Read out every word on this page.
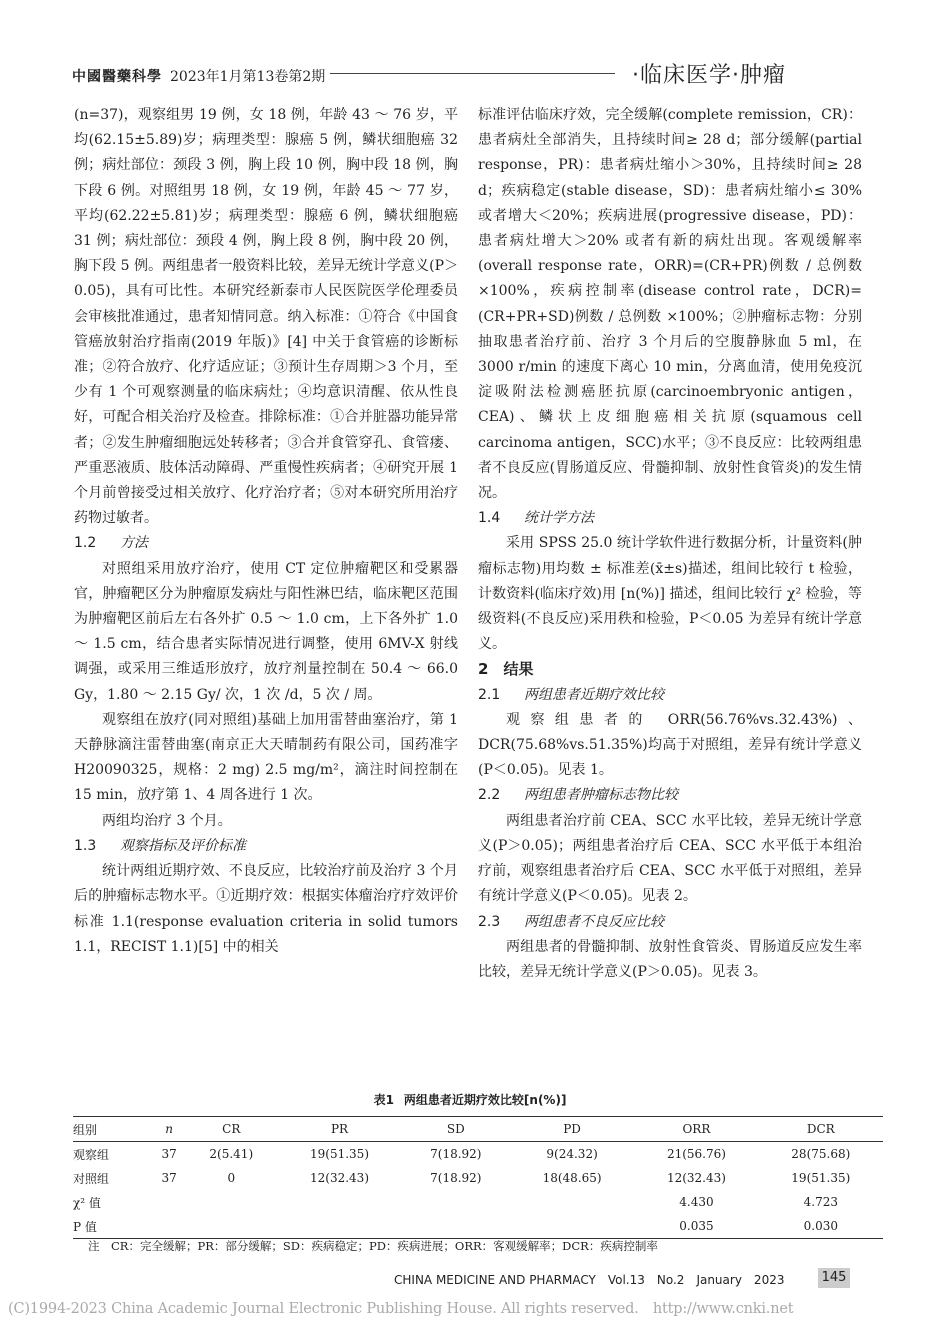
中國醫藥科學 2023年1月第13卷第2期	·临床医学·肿瘤

(n=37)，观察组男 19 例，女 18 例，年龄 43 ～ 76 岁，平均(62.15±5.89)岁；病理类型：腺癌 5 例，鳞状细胞癌 32 例；病灶部位：颈段 3 例，胸上段 10 例，胸中段 18 例，胸下段 6 例。对照组男 18 例，女 19 例，年龄 45 ～ 77 岁，平均(62.22±5.81)岁；病理类型：腺癌 6 例，鳞状细胞癌 31 例；病灶部位：颈段 4 例，胸上段 8 例，胸中段 20 例，胸下段 5 例。两组患者一般资料比较，差异无统计学意义(P＞0.05)，具有可比性。本研究经新泰市人民医院医学伦理委员会审核批准通过，患者知情同意。纳入标准：①符合《中国食管癌放射治疗指南(2019 年版)》[4] 中关于食管癌的诊断标准；②符合放疗、化疗适应证；③预计生存周期＞3 个月，至少有 1 个可观察测量的临床病灶；④均意识清醒、依从性良好，可配合相关治疗及检查。排除标准：①合并脏器功能异常者；②发生肿瘤细胞远处转移者；③合并食管穿孔、食管瘘、严重恶液质、肢体活动障碍、严重慢性疾病者；④研究开展 1 个月前曾接受过相关放疗、化疗治疗者；⑤对本研究所用治疗药物过敏者。

1.2 方法

对照组采用放疗治疗，使用 CT 定位肿瘤靶区和受累器官，肿瘤靶区分为肿瘤原发病灶与阳性淋巴结，临床靶区范围为肿瘤靶区前后左右各外扩 0.5 ～ 1.0 cm，上下各外扩 1.0 ～ 1.5 cm，结合患者实际情况进行调整，使用 6MV-X 射线调强，或采用三维适形放疗，放疗剂量控制在 50.4 ～ 66.0 Gy，1.80 ～ 2.15 Gy/ 次，1 次 /d，5 次 / 周。

观察组在放疗(同对照组)基础上加用雷替曲塞治疗，第 1 天静脉滴注雷替曲塞(南京正大天晴制药有限公司，国药准字 H20090325，规格：2 mg) 2.5 mg/m²，滴注时间控制在 15 min，放疗第 1、4 周各进行 1 次。

两组均治疗 3 个月。

1.3 观察指标及评价标准

统计两组近期疗效、不良反应，比较治疗前及治疗 3 个月后的肿瘤标志物水平。①近期疗效：根据实体瘤治疗疗效评价标准 1.1(response evaluation criteria in solid tumors 1.1，RECIST 1.1)[5] 中的相关

标准评估临床疗效，完全缓解(complete remission，CR)：患者病灶全部消失，且持续时间≥ 28 d；部分缓解(partial response，PR)：患者病灶缩小＞30%，且持续时间≥ 28 d；疾病稳定(stable disease，SD)：患者病灶缩小≤ 30% 或者增大＜20%；疾病进展(progressive disease，PD)：患者病灶增大＞20% 或者有新的病灶出现。客观缓解率(overall response rate，ORR)=(CR+PR)例数 / 总例数 ×100%，疾病控制率(disease control rate，DCR)=(CR+PR+SD)例数 / 总例数 ×100%；②肿瘤标志物：分别抽取患者治疗前、治疗 3 个月后的空腹静脉血 5 ml，在 3000 r/min 的速度下离心 10 min，分离血清，使用免疫沉淀吸附法检测癌胚抗原(carcinoembryonic antigen，CEA)、鳞状上皮细胞癌相关抗原(squamous cell carcinoma antigen，SCC)水平；③不良反应：比较两组患者不良反应(胃肠道反应、骨髓抑制、放射性食管炎)的发生情况。

1.4 统计学方法

采用 SPSS 25.0 统计学软件进行数据分析，计量资料(肿瘤标志物)用均数 ± 标准差(x̄±s)描述，组间比较行 t 检验，计数资料(临床疗效)用 [n(%)] 描述，组间比较行 χ² 检验，等级资料(不良反应)采用秩和检验，P＜0.05 为差异有统计学意义。

2　 结果
2.1 两组患者近期疗效比较

观察组患者的 ORR(56.76%vs.32.43%)、DCR(75.68%vs.51.35%)均高于对照组，差异有统计学意义(P＜0.05)。见表 1。

2.2 两组患者肿瘤标志物比较

两组患者治疗前 CEA、SCC 水平比较，差异无统计学意义(P＞0.05)；两组患者治疗后 CEA、SCC 水平低于本组治疗前，观察组患者治疗后 CEA、SCC 水平低于对照组，差异有统计学意义(P＜0.05)。见表 2。

2.3 两组患者不良反应比较

两组患者的骨髓抑制、放射性食管炎、胃肠道反应发生率比较，差异无统计学意义(P＞0.05)。见表 3。

表1 两组患者近期疗效比较[n(%)]
组别	n	CR	PR	SD	PD	ORR	DCR
观察组	37	2(5.41)	19(51.35)	7(18.92)	9(24.32)	21(56.76)	28(75.68)
对照组	37	0	12(32.43)	7(18.92)	18(48.65)	12(32.43)	19(51.35)
χ² 值						4.430	4.723
P 值						0.035	0.030
注　CR：完全缓解；PR：部分缓解；SD：疾病稳定；PD：疾病进展；ORR：客观缓解率；DCR：疾病控制率
CHINA MEDICINE AND PHARMACY　Vol.13　No.2　January　2023	145
(C)1994-2023 China Academic Journal Electronic Publishing House. All rights reserved.　http://www.cnki.net
